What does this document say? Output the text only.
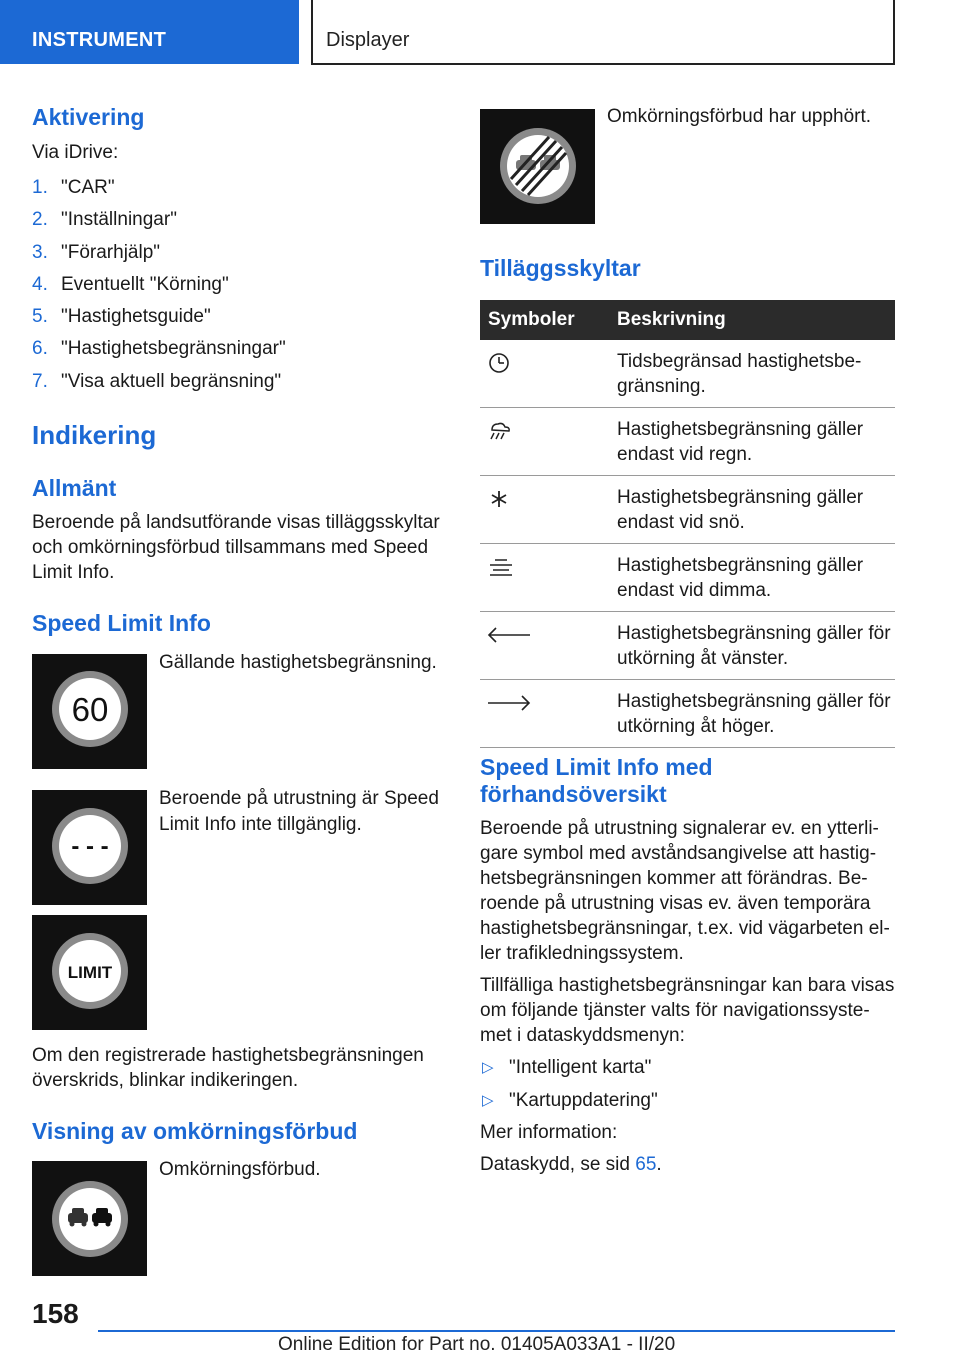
INSTRUMENT	Displayer
Aktivering

Via iDrive:

1. "CAR"
2. "Inställningar"
3. "Förarhjälp"
4. Eventuellt "Körning"
5. "Hastighetsguide"
6. "Hastighetsbegränsningar"
7. "Visa aktuell begränsning"
Indikering
Allmänt

Beroende på landsutförande visas tilläggsskyltar

och omkörningsförbud tillsammans med Speed

Limit Info.

Speed Limit Info
60

Gällande hastighetsbegränsning.

- - -

Beroende på utrustning är Speed

Limit Info inte tillgänglig.

LIMIT

Om den registrerade hastighetsbegränsningen

överskrids, blinkar indikeringen.

Visning av omkörningsförbud

Omkörningsförbud.

Omkörningsförbud har upphört.

Tilläggsskyltar
Symboler	Beskrivning

Tidsbegränsad hastighetsbe-
gränsning.

Hastighetsbegränsning gäller
endast vid regn.

Hastighetsbegränsning gäller
endast vid snö.

Hastighetsbegränsning gäller
endast vid dimma.

Hastighetsbegränsning gäller för
utkörning åt vänster.

Hastighetsbegränsning gäller för
utkörning åt höger.
Speed Limit Info med
förhandsöversikt

Beroende på utrustning signalerar ev. en ytterli-

gare symbol med avståndsangivelse att hastig-

hetsbegränsningen kommer att förändras. Be-

roende på utrustning visas ev. även temporära

hastighetsbegränsningar, t.ex. vid vägarbeten el-

ler trafikledningssystem.

Tillfälliga hastighetsbegränsningar kan bara visas

om följande tjänster valts för navigationssyste-

met i dataskyddsmenyn:

▷ "Intelligent karta"
▷ "Kartuppdatering"

Mer information:

Dataskydd, se sid 65.

158
Online Edition for Part no. 01405A033A1 - II/20
